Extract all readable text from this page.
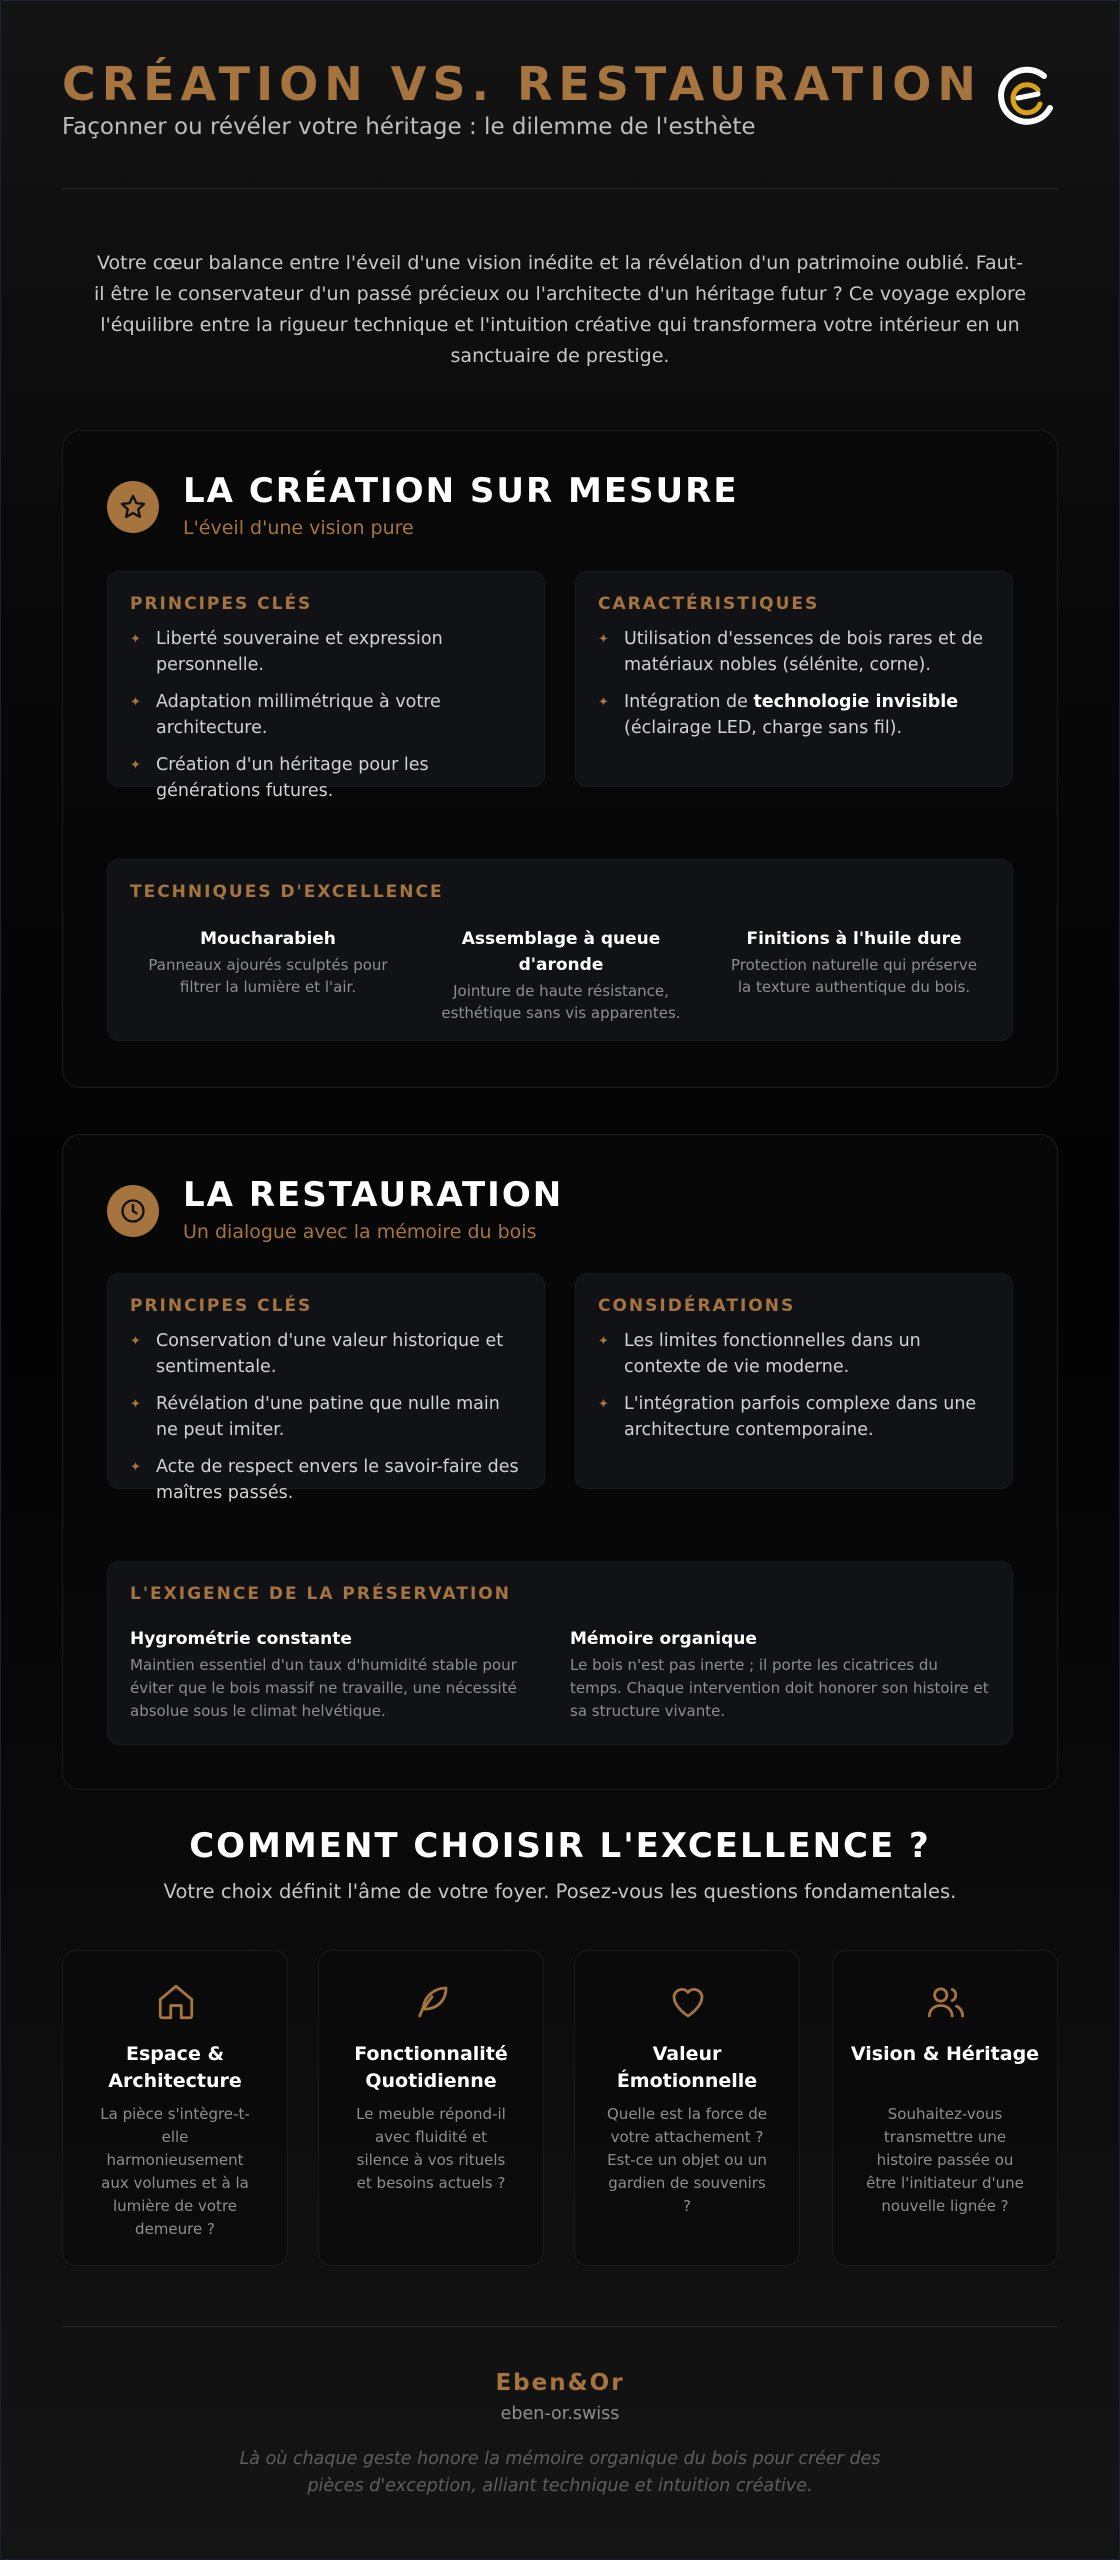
CRÉATION VS. RESTAURATION
Façonner ou révéler votre héritage : le dilemme de l'esthète

Votre cœur balance entre l'éveil d'une vision inédite et la révélation d'un patrimoine oublié. Faut-il être le conservateur d'un passé précieux ou l'architecte d'un héritage futur ? Ce voyage explore l'équilibre entre la rigueur technique et l'intuition créative qui transformera votre intérieur en un sanctuaire de prestige.

LA CRÉATION SUR MESURE
L'éveil d'une vision pure
PRINCIPES CLÉS
✦ Liberté souveraine et expression personnelle.
✦ Adaptation millimétrique à votre architecture.
✦ Création d'un héritage pour les générations futures.
CARACTÉRISTIQUES
✦ Utilisation d'essences de bois rares et de matériaux nobles (sélénite, corne).
✦ Intégration de technologie invisible (éclairage LED, charge sans fil).
TECHNIQUES D'EXCELLENCE
Moucharabieh
Panneaux ajourés sculptés pour filtrer la lumière et l'air.
Assemblage à queue d'aronde
Jointure de haute résistance, esthétique sans vis apparentes.
Finitions à l'huile dure
Protection naturelle qui préserve la texture authentique du bois.
LA RESTAURATION
Un dialogue avec la mémoire du bois
PRINCIPES CLÉS
✦ Conservation d'une valeur historique et sentimentale.
✦ Révélation d'une patine que nulle main ne peut imiter.
✦ Acte de respect envers le savoir-faire des maîtres passés.
CONSIDÉRATIONS
✦ Les limites fonctionnelles dans un contexte de vie moderne.
✦ L'intégration parfois complexe dans une architecture contemporaine.
L'EXIGENCE DE LA PRÉSERVATION
Hygrométrie constante
Maintien essentiel d'un taux d'humidité stable pour éviter que le bois massif ne travaille, une nécessité absolue sous le climat helvétique.
Mémoire organique
Le bois n'est pas inerte ; il porte les cicatrices du temps. Chaque intervention doit honorer son histoire et sa structure vivante.
COMMENT CHOISIR L'EXCELLENCE ?
Votre choix définit l'âme de votre foyer. Posez-vous les questions fondamentales.
Espace & Architecture
La pièce s'intègre-t-elle harmonieusement aux volumes et à la lumière de votre demeure ?
Fonctionnalité Quotidienne
Le meuble répond-il avec fluidité et silence à vos rituels et besoins actuels ?
Valeur Émotionnelle
Quelle est la force de votre attachement ? Est-ce un objet ou un gardien de souvenirs ?
Vision & Héritage
Souhaitez-vous transmettre une histoire passée ou être l'initiateur d'une nouvelle lignée ?
Eben&Or
eben-or.swiss

Là où chaque geste honore la mémoire organique du bois pour créer des pièces d'exception, alliant technique et intuition créative.
